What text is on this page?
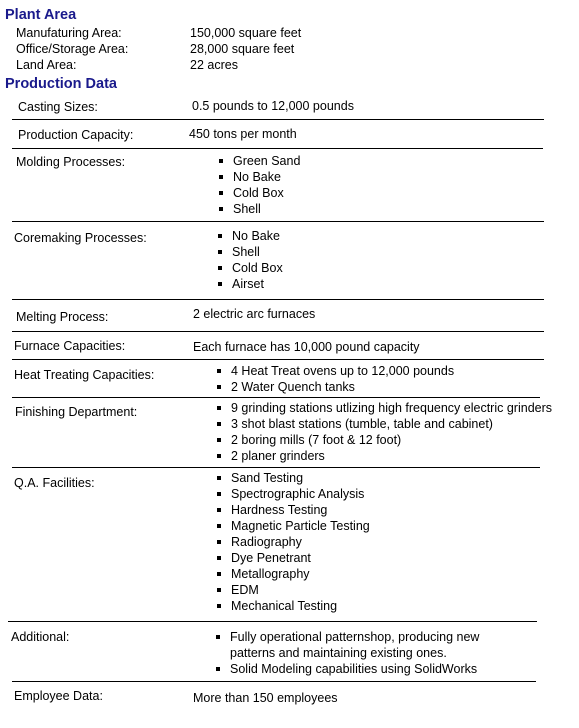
Plant Area
Manufaturing Area:	150,000 square feet
Office/Storage Area:	28,000 square feet
Land Area:	22 acres
Production Data
Casting Sizes:	0.5 pounds to 12,000 pounds
Production Capacity:	450 tons per month
Molding Processes:	Green Sand
No Bake
Cold Box
Shell
Coremaking Processes:	No Bake
Shell
Cold Box
Airset
Melting Process:	2 electric arc furnaces
Furnace Capacities:	Each furnace has 10,000 pound capacity
Heat Treating Capacities:	4 Heat Treat ovens up to 12,000 pounds
2 Water Quench tanks
Finishing Department:	9 grinding stations utlizing high frequency electric grinders
3 shot blast stations (tumble, table and cabinet)
2 boring mills (7 foot & 12 foot)
2 planer grinders
Q.A. Facilities:	Sand Testing
Spectrographic Analysis
Hardness Testing
Magnetic Particle Testing
Radiography
Dye Penetrant
Metallography
EDM
Mechanical Testing
Additional:	Fully operational patternshop, producing new
patterns and maintaining existing ones.
Solid Modeling capabilities using SolidWorks
Employee Data:	More than 150 employees
